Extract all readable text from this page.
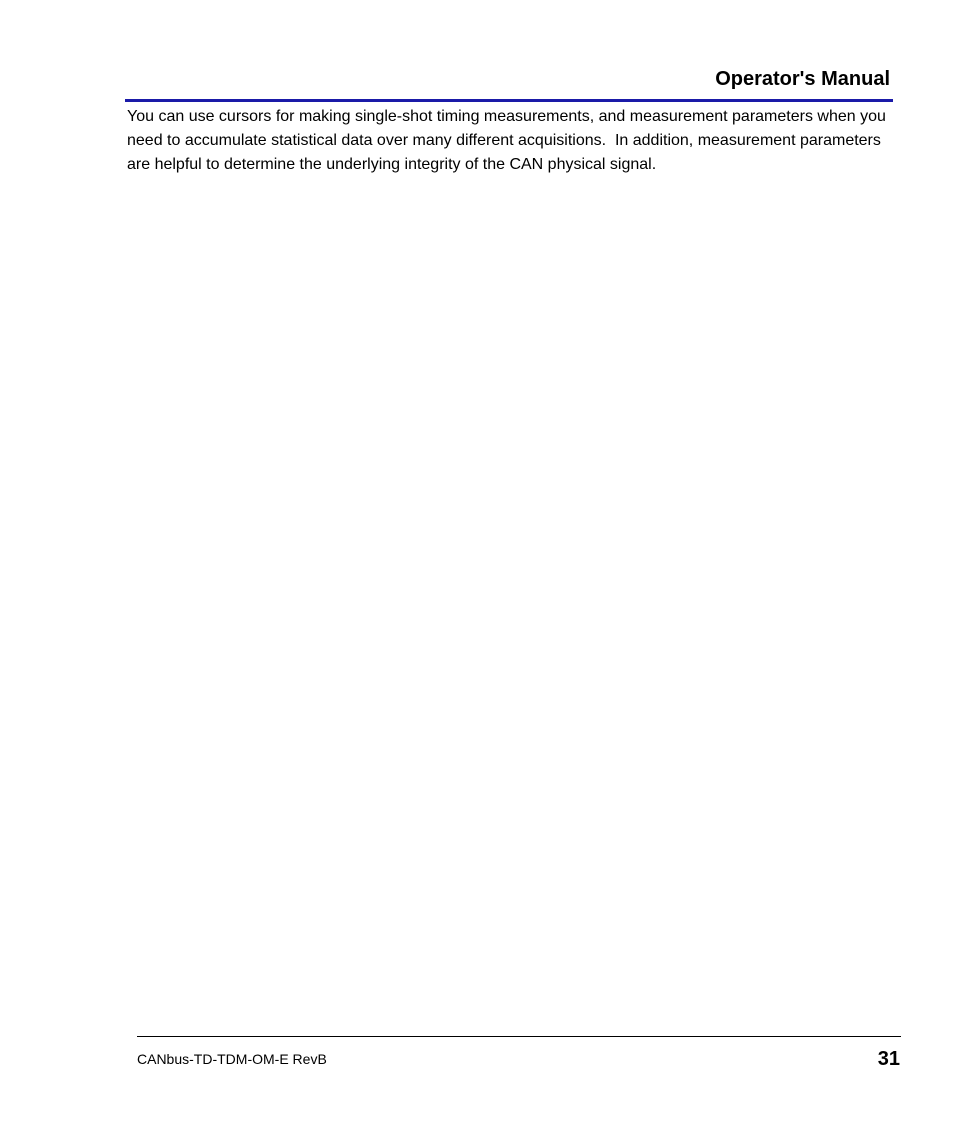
Operator's Manual

You can use cursors for making single-shot timing measurements, and measurement parameters when you need to accumulate statistical data over many different acquisitions.  In addition, measurement parameters are helpful to determine the underlying integrity of the CAN physical signal.

CANbus-TD-TDM-OM-E RevB	31
